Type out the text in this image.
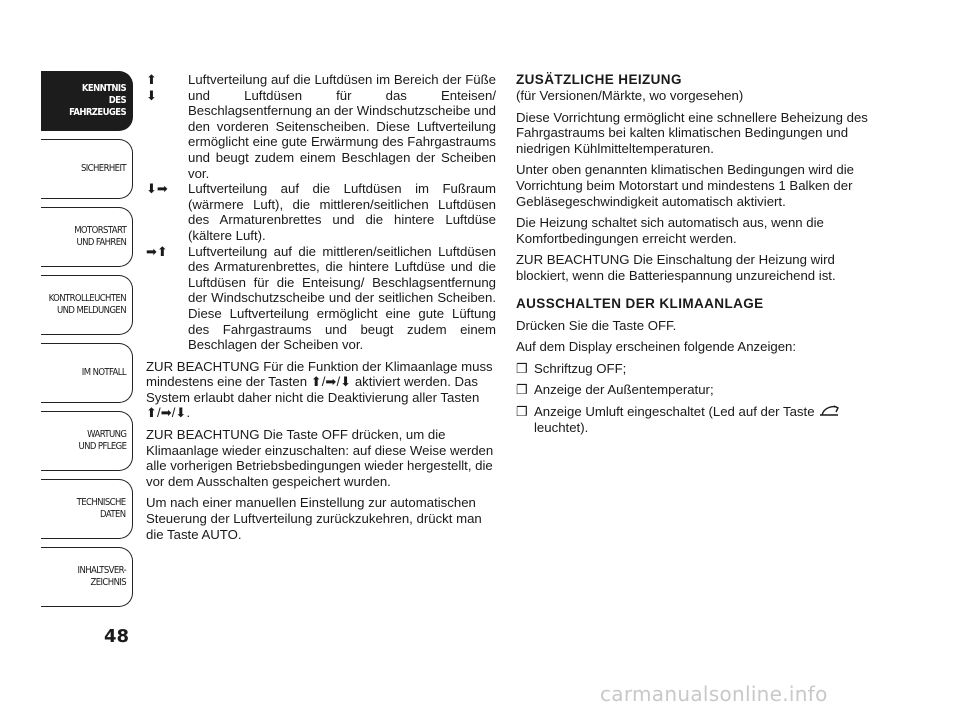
KENNTNIS
DES FAHRZEUGES
SICHERHEIT
MOTORSTART
UND FAHREN
KONTROLLEUCHTEN
UND MELDUNGEN
IM NOTFALL
WARTUNG
UND PFLEGE
TECHNISCHE
DATEN
INHALTSVER-
ZEICHNIS
48
⬆
⬇
Luftverteilung auf die Luftdüsen im Bereich der Füße und Luftdüsen für das Enteisen/ Beschlagsentfernung an der Windschutzscheibe und den vorderen Seitenscheiben. Diese Luftverteilung ermöglicht eine gute Erwärmung des Fahrgastraums und beugt zudem einem Beschlagen der Scheiben vor.
⬇➡	Luftverteilung auf die Luftdüsen im Fußraum (wärmere Luft), die mittleren/seitlichen Luftdüsen des Armaturenbrettes und die hintere Luftdüse (kältere Luft).
➡⬆	Luftverteilung auf die mittleren/seitlichen Luftdüsen des Armaturenbrettes, die hintere Luftdüse und die Luftdüsen für die Enteisung/ Beschlagsentfernung der Windschutzscheibe und der seitlichen Scheiben. Diese Luftverteilung ermöglicht eine gute Lüftung des Fahrgastraums und beugt zudem einem Beschlagen der Scheiben vor.

ZUR BEACHTUNG Für die Funktion der Klimaanlage muss mindestens eine der Tasten ⬆/➡/⬇ aktiviert werden. Das System erlaubt daher nicht die Deaktivierung aller Tasten ⬆/➡/⬇.

ZUR BEACHTUNG Die Taste OFF drücken, um die Klimaanlage wieder einzuschalten: auf diese Weise werden alle vorherigen Betriebsbedingungen wieder hergestellt, die vor dem Ausschalten gespeichert wurden.

Um nach einer manuellen Einstellung zur automatischen Steuerung der Luftverteilung zurückzukehren, drückt man die Taste AUTO.

ZUSÄTZLICHE HEIZUNG

(für Versionen/Märkte, wo vorgesehen)

Diese Vorrichtung ermöglicht eine schnellere Beheizung des Fahrgastraums bei kalten klimatischen Bedingungen und niedrigen Kühlmitteltemperaturen.

Unter oben genannten klimatischen Bedingungen wird die Vorrichtung beim Motorstart und mindestens 1 Balken der Gebläsegeschwindigkeit automatisch aktiviert.

Die Heizung schaltet sich automatisch aus, wenn die Komfortbedingungen erreicht werden.

ZUR BEACHTUNG Die Einschaltung der Heizung wird blockiert, wenn die Batteriespannung unzureichend ist.

AUSSCHALTEN DER KLIMAANLAGE

Drücken Sie die Taste OFF.

Auf dem Display erscheinen folgende Anzeigen:

❒ Schriftzug OFF;
❒ Anzeige der Außentemperatur;
❒ Anzeige Umluft eingeschaltet (Led auf der Taste  leuchtet).
carmanualsonline.info
